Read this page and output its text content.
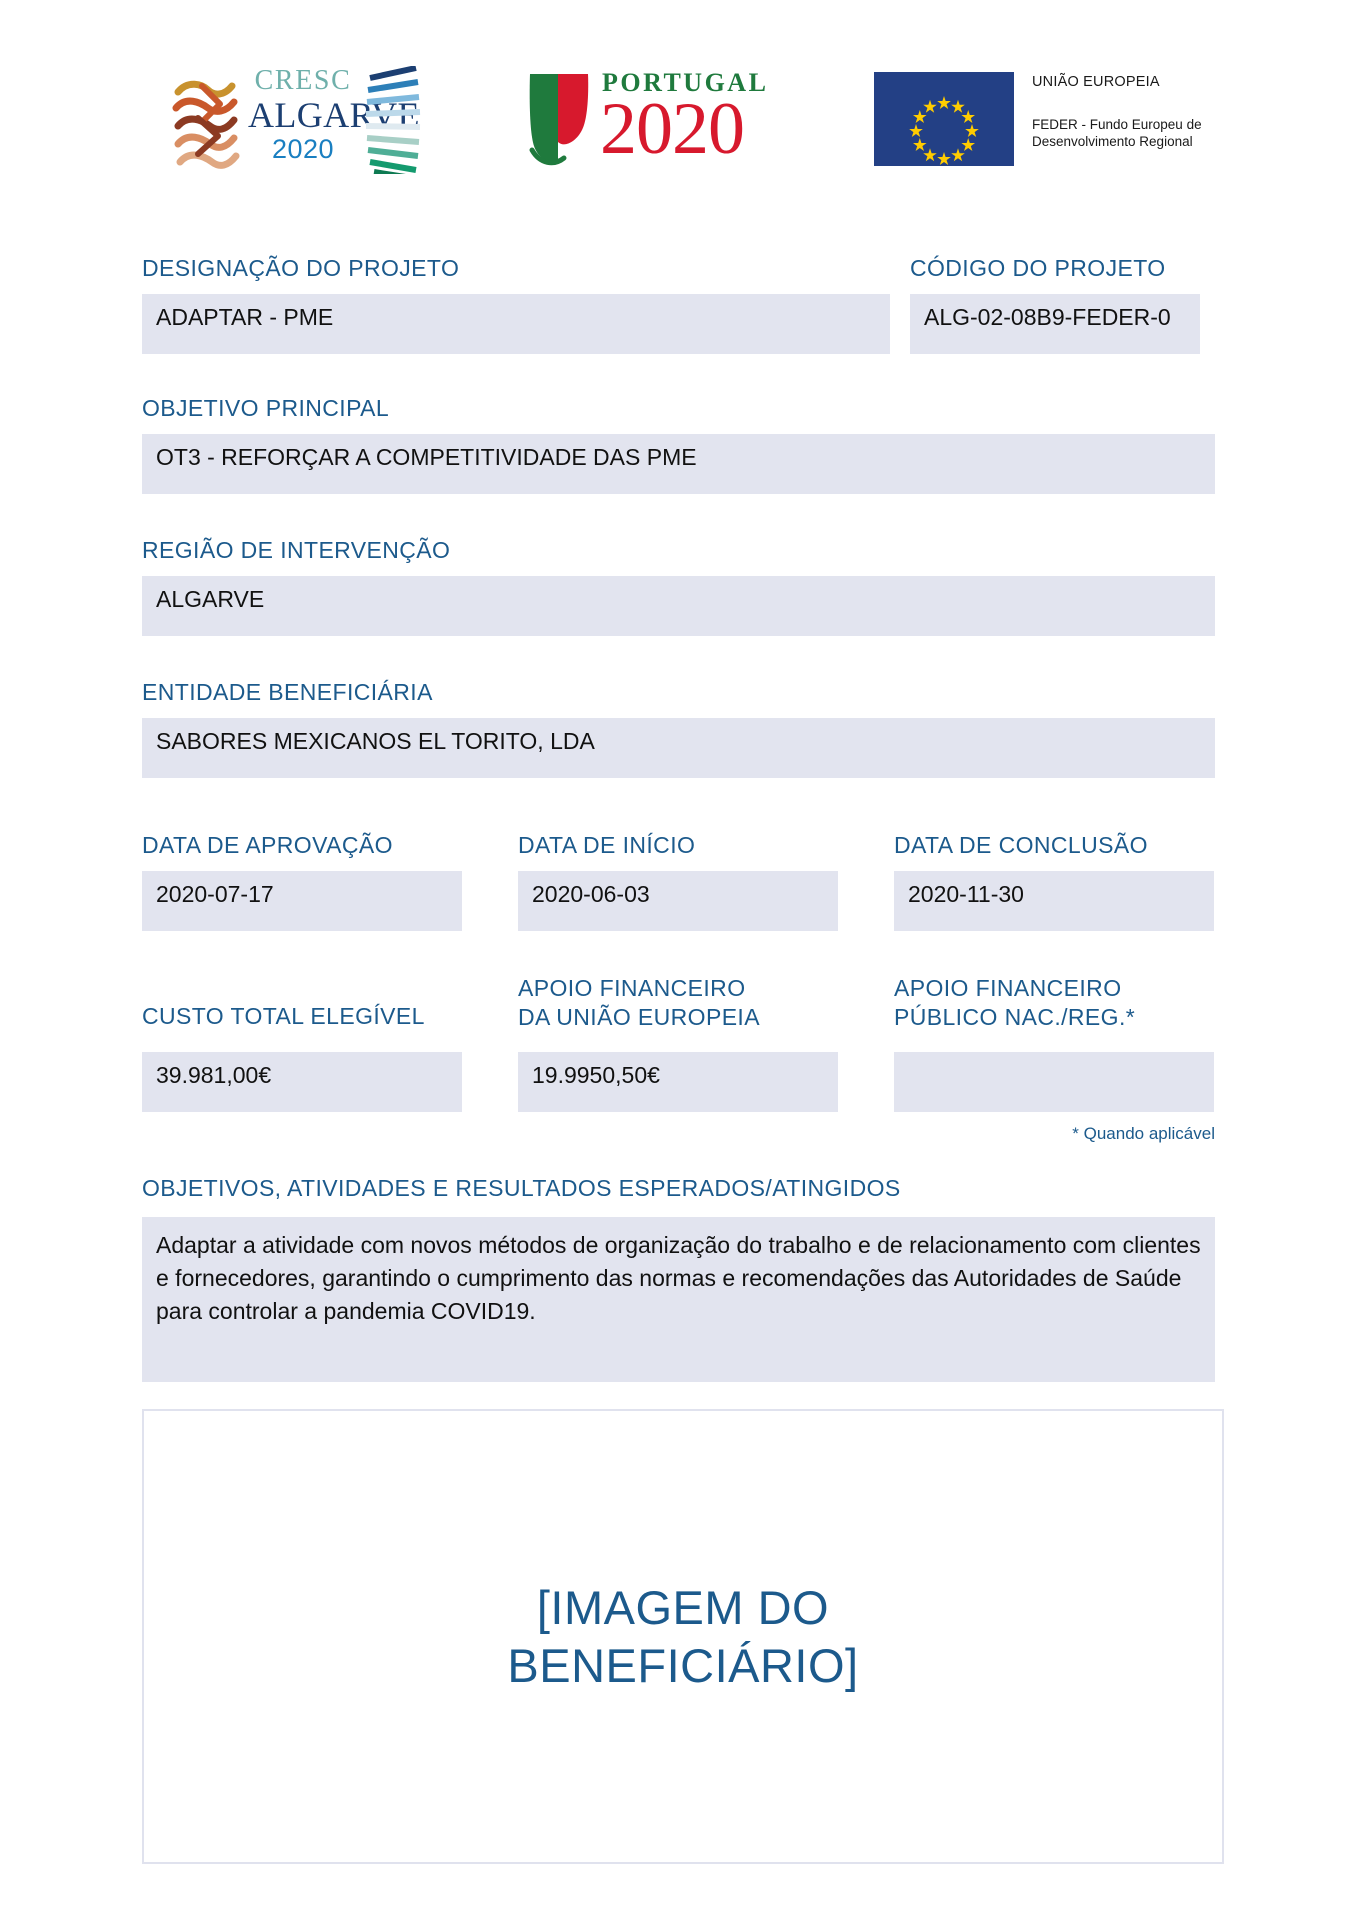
CRESC
ALGARVE
2020
PORTUGAL
2020
UNIÃO EUROPEIA
FEDER - Fundo Europeu de Desenvolvimento Regional
DESIGNAÇÃO DO PROJETO
ADAPTAR - PME
CÓDIGO DO PROJETO
ALG-02-08B9-FEDER-0
OBJETIVO PRINCIPAL
OT3 - REFORÇAR A COMPETITIVIDADE DAS PME
REGIÃO DE INTERVENÇÃO
ALGARVE
ENTIDADE BENEFICIÁRIA
SABORES MEXICANOS EL TORITO, LDA
DATA DE APROVAÇÃO
2020-07-17
DATA DE INÍCIO
2020-06-03
DATA DE CONCLUSÃO
2020-11-30
CUSTO TOTAL ELEGÍVEL
39.981,00€
APOIO FINANCEIRO
DA UNIÃO EUROPEIA
19.9950,50€
APOIO FINANCEIRO
PÚBLICO NAC./REG.*
* Quando aplicável
OBJETIVOS, ATIVIDADES E RESULTADOS ESPERADOS/ATINGIDOS
Adaptar a atividade com novos métodos de organização do trabalho e de relacionamento com clientes e fornecedores, garantindo o cumprimento das normas e recomendações das Autoridades de Saúde para controlar a pandemia COVID19.
[IMAGEM DO
BENEFICIÁRIO]
